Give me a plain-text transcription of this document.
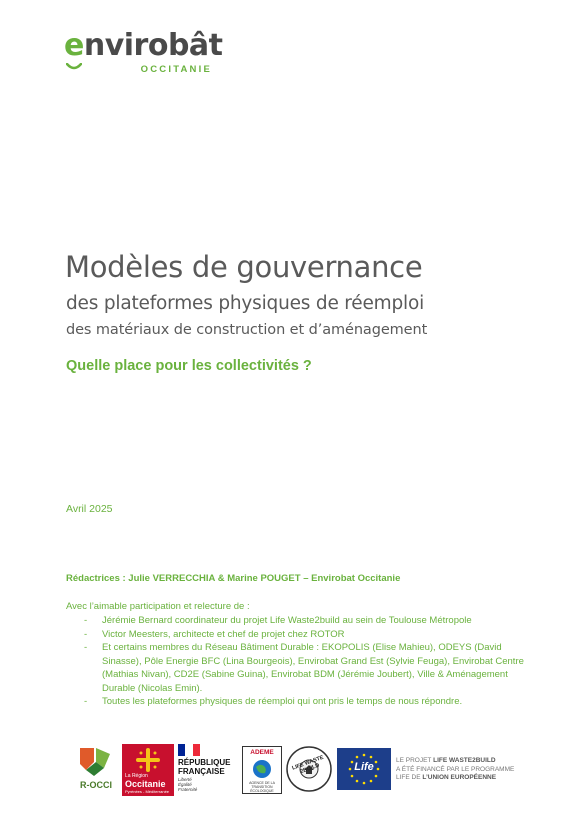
envirobât
OCCITANIE
Modèles de gouvernance
des plateformes physiques de réemploi
des matériaux de construction et d’aménagement
Quelle place pour les collectivités ?
Avril 2025
Rédactrices : Julie VERRECCHIA & Marine POUGET – Envirobat Occitanie
Avec l’aimable participation et relecture de :
- Jérémie Bernard coordinateur du projet Life Waste2build au sein de Toulouse Métropole
- Victor Meesters, architecte et chef de projet chez ROTOR
- Et certains membres du Réseau Bâtiment Durable : EKOPOLIS (Elise Mahieu), ODEYS (David Sinasse), Pôle Energie BFC (Lina Bourgeois), Envirobat Grand Est (Sylvie Feuga), Envirobat Centre (Mathias Nivan), CD2E (Sabine Guina), Envirobat BDM (Jérémie Joubert), Ville & Aménagement Durable (Nicolas Emin).
- Toutes les plateformes physiques de réemploi qui ont pris le temps de nous répondre.
R-OCCI
La Région
Occitanie
Pyrénées - Méditerranée
RÉPUBLIQUE
FRANÇAISE
Liberté
Égalité
Fraternité
ADEME
AGENCE DE LA TRANSITION ÉCOLOGIQUE
LIFE WASTE 2BUILD	Life
LE PROJET LIFE WASTE2BUILD
A ÉTÉ FINANCÉ PAR LE PROGRAMME LIFE DE L’UNION EUROPÉENNE
